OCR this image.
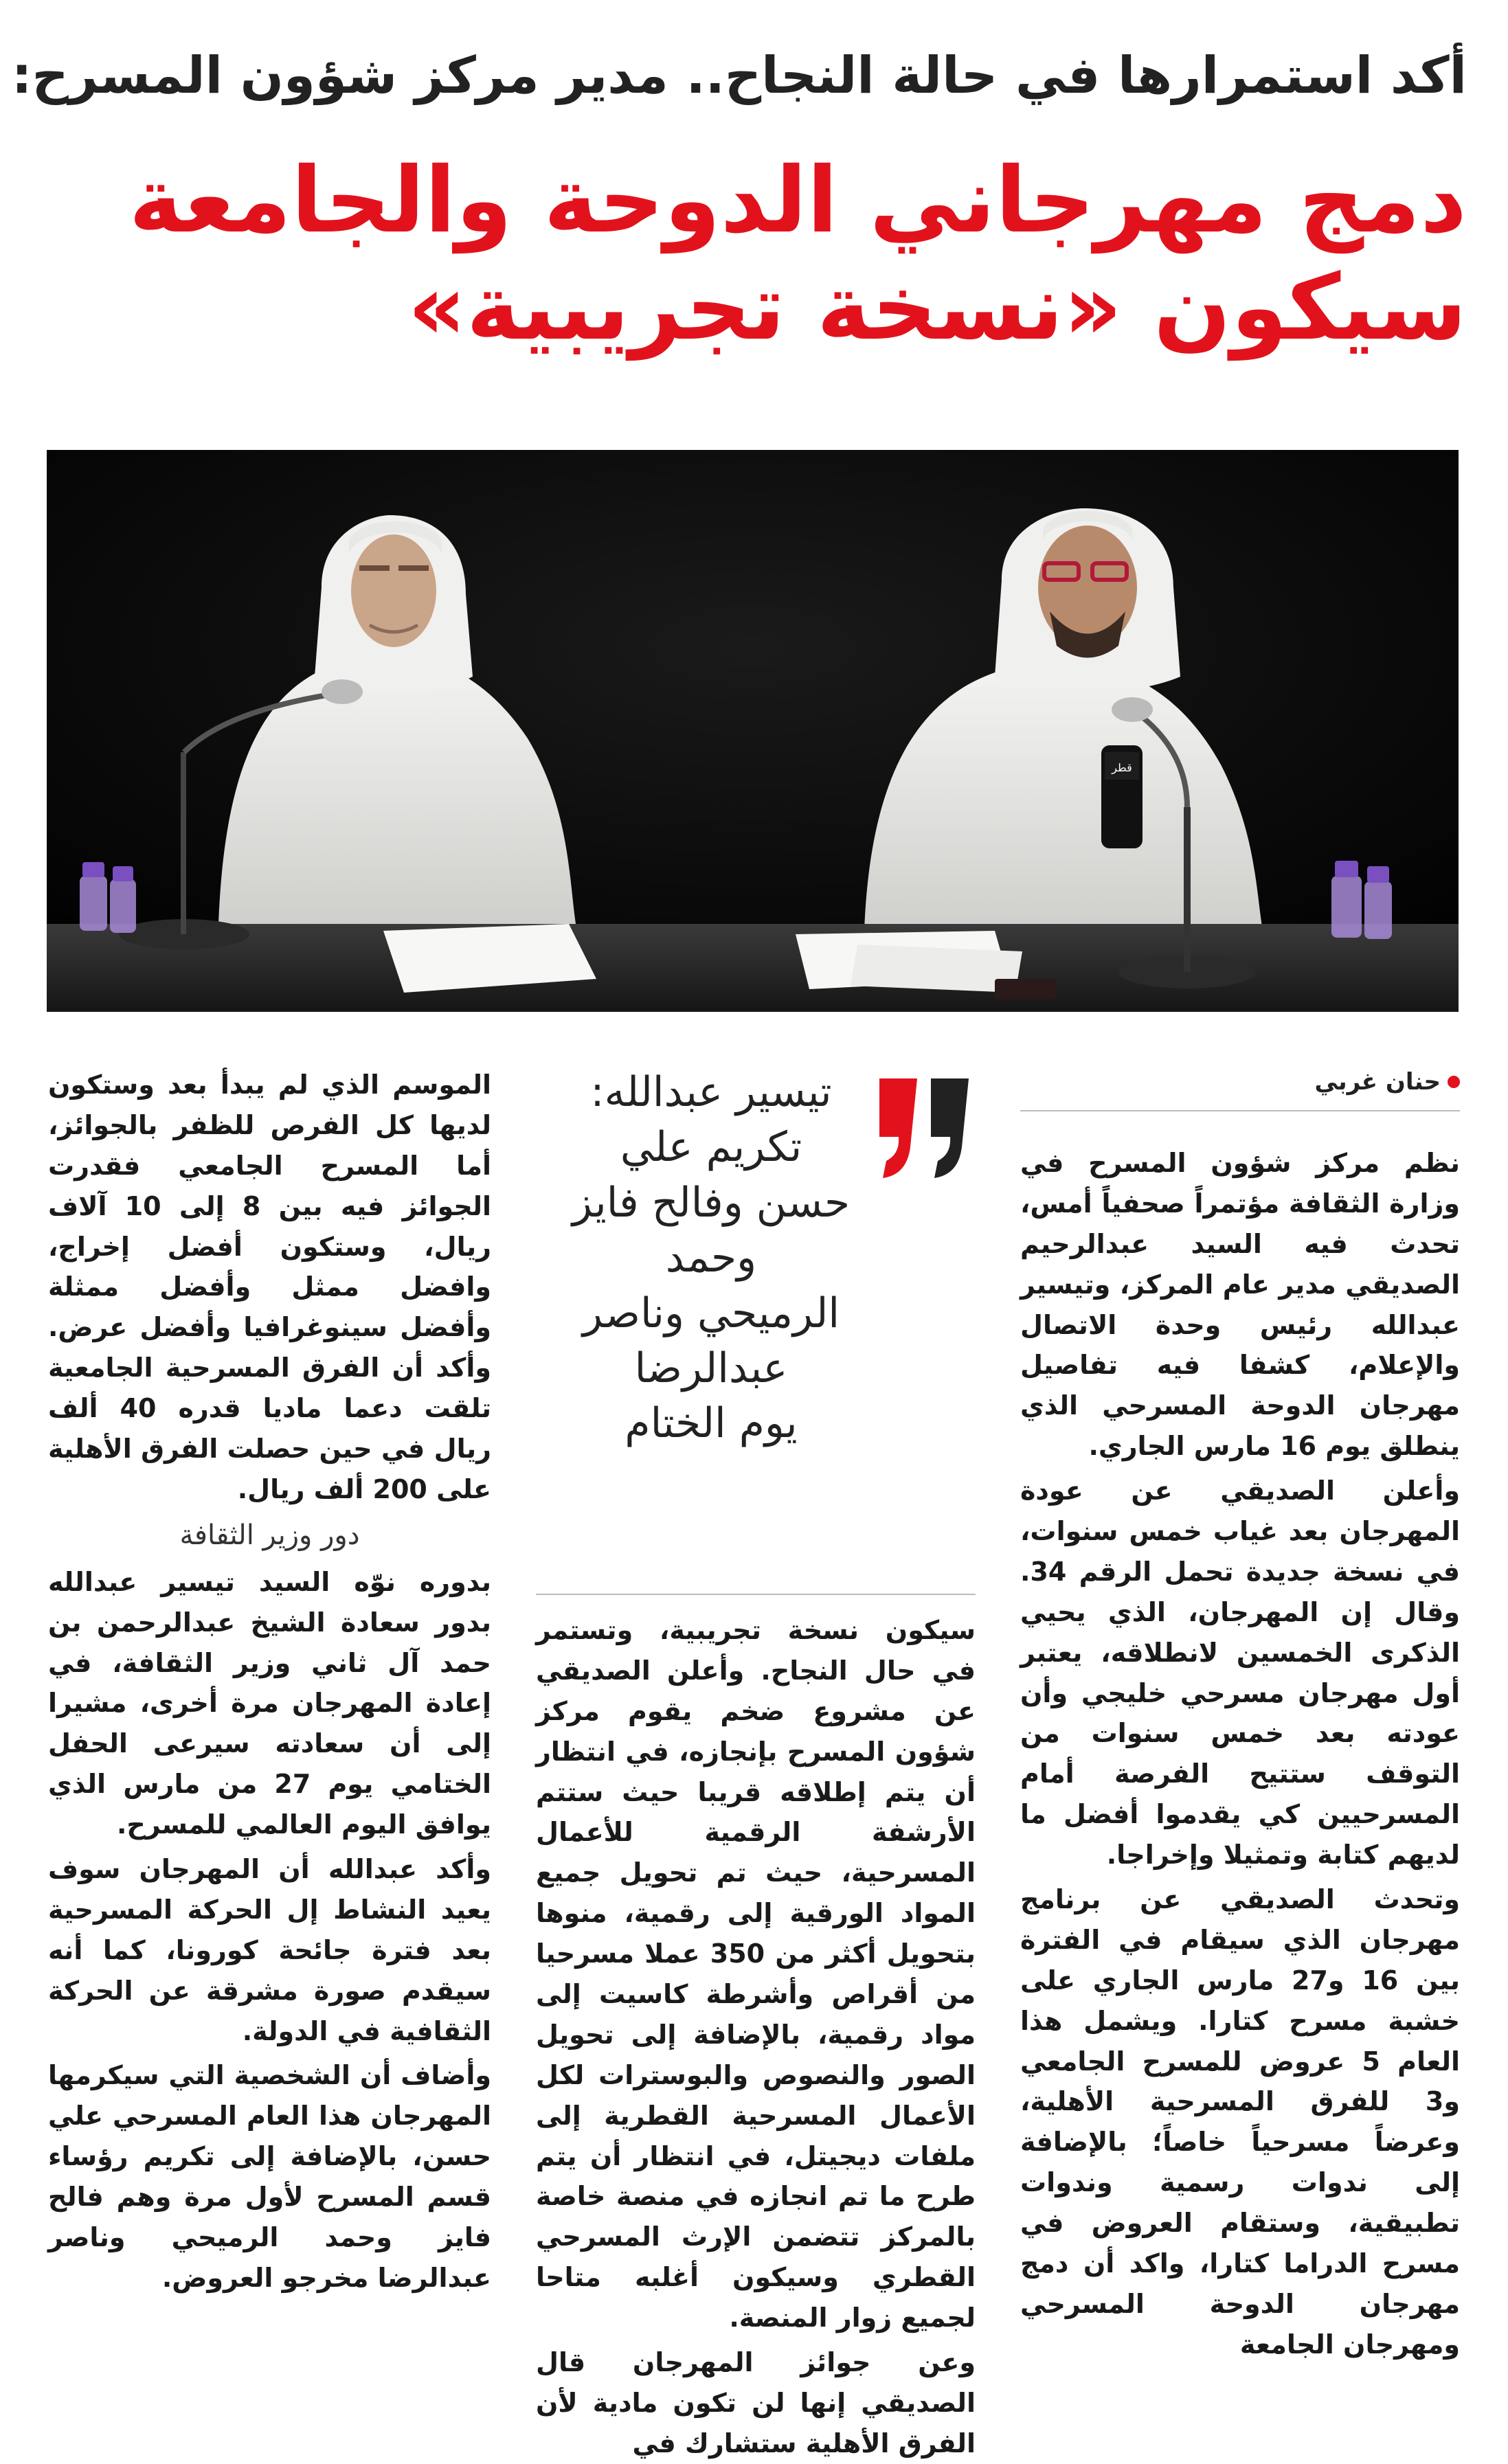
أكد استمرارها في حالة النجاح.. مدير مركز شؤون المسرح:
دمج مهرجاني الدوحة والجامعة
سيكون «نسخة تجريبية»
قطر
حنان غربي

نظم مركز شؤون المسرح في وزارة الثقافة مؤتمراً صحفياً أمس، تحدث فيه السيد عبدالرحيم الصديقي مدير عام المركز، وتيسير عبدالله رئيس وحدة الاتصال والإعلام، كشفا فيه تفاصيل مهرجان الدوحة المسرحي الذي ينطلق يوم 16 مارس الجاري.

وأعلن الصديقي عن عودة المهرجان بعد غياب خمس سنوات، في نسخة جديدة تحمل الرقم 34. وقال إن المهرجان، الذي يحيي الذكرى الخمسين لانطلاقه، يعتبر أول مهرجان مسرحي خليجي وأن عودته بعد خمس سنوات من التوقف ستتيح الفرصة أمام المسرحيين كي يقدموا أفضل ما لديهم كتابة وتمثيلا وإخراجا.

وتحدث الصديقي عن برنامج مهرجان الذي سيقام في الفترة بين 16 و27 مارس الجاري على خشبة مسرح كتارا. ويشمل هذا العام 5 عروض للمسرح الجامعي و3 للفرق المسرحية الأهلية، وعرضاً مسرحياً خاصاً؛ بالإضافة إلى ندوات رسمية وندوات تطبيقية، وستقام العروض في مسرح الدراما كتارا، واكد أن دمج مهرجان الدوحة المسرحي ومهرجان الجامعة

تيسير عبدالله:
تكريم علي
حسن وفالح فايز وحمد
الرميحي وناصر عبدالرضا
يوم الختام

سيكون نسخة تجريبية، وتستمر في حال النجاح. وأعلن الصديقي عن مشروع ضخم يقوم مركز شؤون المسرح بإنجازه، في انتظار أن يتم إطلاقه قريبا حيث ستتم الأرشفة الرقمية للأعمال المسرحية، حيث تم تحويل جميع المواد الورقية إلى رقمية، منوها بتحويل أكثر من 350 عملا مسرحيا من أقراص وأشرطة كاسيت إلى مواد رقمية، بالإضافة إلى تحويل الصور والنصوص والبوسترات لكل الأعمال المسرحية القطرية إلى ملفات ديجيتل، في انتظار أن يتم طرح ما تم انجازه في منصة خاصة بالمركز تتضمن الإرث المسرحي القطري وسيكون أغلبه متاحا لجميع زوار المنصة.

وعن جوائز المهرجان قال الصديقي إنها لن تكون مادية لأن الفرق الأهلية ستشارك في

الموسم الذي لم يبدأ بعد وستكون لديها كل الفرص للظفر بالجوائز، أما المسرح الجامعي فقدرت الجوائز فيه بين 8 إلى 10 آلاف ريال، وستكون أفضل إخراج، وافضل ممثل وأفضل ممثلة وأفضل سينوغرافيا وأفضل عرض. وأكد أن الفرق المسرحية الجامعية تلقت دعما ماديا قدره 40 ألف ريال في حين حصلت الفرق الأهلية على 200 ألف ريال.

دور وزير الثقافة

بدوره نوّه السيد تيسير عبدالله بدور سعادة الشيخ عبدالرحمن بن حمد آل ثاني وزير الثقافة، في إعادة المهرجان مرة أخرى، مشيرا إلى أن سعادته سيرعى الحفل الختامي يوم 27 من مارس الذي يوافق اليوم العالمي للمسرح.

وأكد عبدالله أن المهرجان سوف يعيد النشاط إل الحركة المسرحية بعد فترة جائحة كورونا، كما أنه سيقدم صورة مشرقة عن الحركة الثقافية في الدولة.

وأضاف أن الشخصية التي سيكرمها المهرجان هذا العام المسرحي علي حسن، بالإضافة إلى تكريم رؤساء قسم المسرح لأول مرة وهم فالح فايز وحمد الرميحي وناصر عبدالرضا مخرجو العروض.
